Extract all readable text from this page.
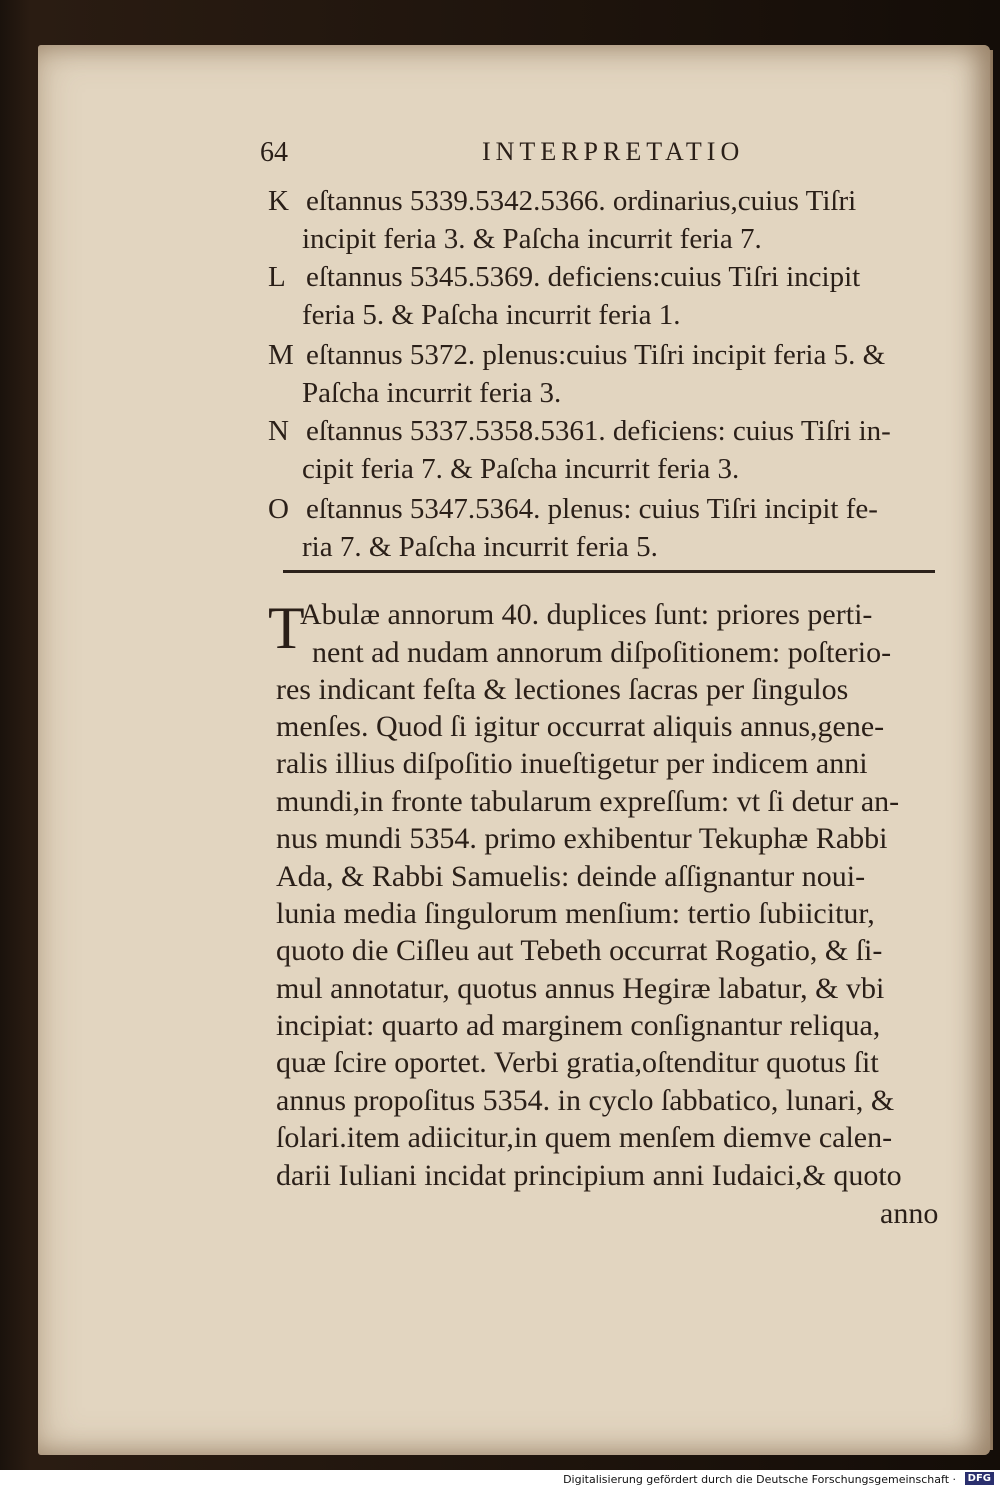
64	INTERPRETATIO
K eſtannus 5339.5342.5366. ordinarius,cuius Tiſri
incipit feria 3. & Paſcha incurrit feria 7.
L eſtannus 5345.5369. deficiens:cuius Tiſri incipit
feria 5. & Paſcha incurrit feria 1.
M eſtannus 5372. plenus:cuius Tiſri incipit feria 5. &
Paſcha incurrit feria 3.
N eſtannus 5337.5358.5361. deficiens: cuius Tiſri in-
cipit feria 7. & Paſcha incurrit feria 3.
O eſtannus 5347.5364. plenus: cuius Tiſri incipit fe-
ria 7. & Paſcha incurrit feria 5.
T
Abulæ annorum 40. duplices ſunt: priores perti-
nent ad nudam annorum diſpoſitionem: poſterio-
res indicant feſta & lectiones ſacras per ſingulos
menſes. Quod ſi igitur occurrat aliquis annus,gene-
ralis illius diſpoſitio inueſtigetur per indicem anni
mundi,in fronte tabularum expreſſum: vt ſi detur an-
nus mundi 5354. primo exhibentur Tekuphæ Rabbi
Ada, & Rabbi Samuelis: deinde aſſignantur noui-
lunia media ſingulorum menſium: tertio ſubiicitur,
quoto die Ciſleu aut Tebeth occurrat Rogatio, & ſi-
mul annotatur, quotus annus Hegiræ labatur, & vbi
incipiat: quarto ad marginem conſignantur reliqua,
quæ ſcire oportet. Verbi gratia,oſtenditur quotus ſit
annus propoſitus 5354. in cyclo ſabbatico, lunari, &
ſolari.item adiicitur,in quem menſem diemve calen-
darii Iuliani incidat principium anni Iudaici,& quoto
anno
Digitalisierung gefördert durch die Deutsche Forschungsgemeinschaft ·	DFG
